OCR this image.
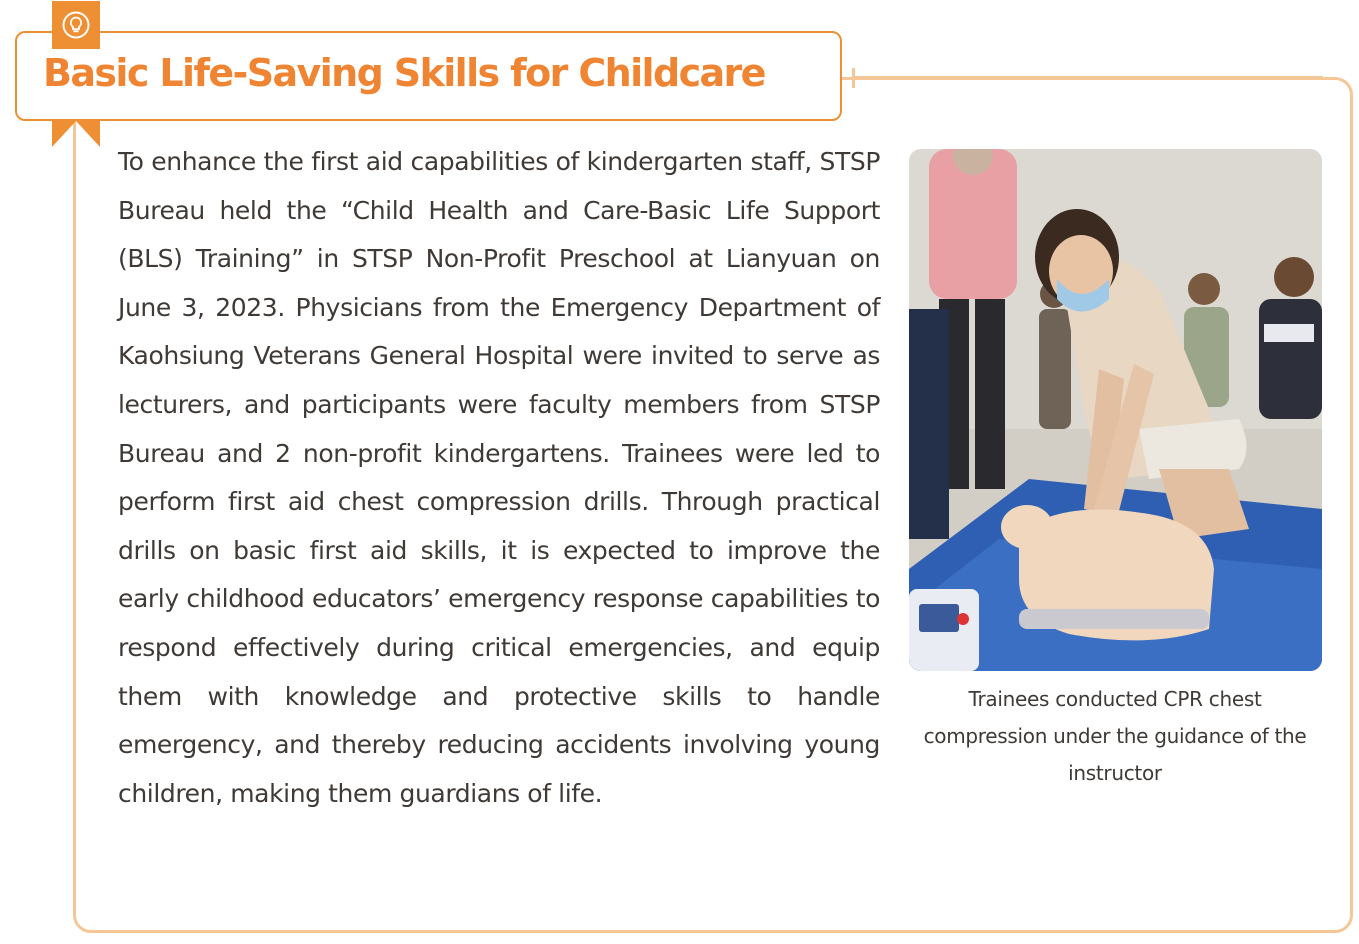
Basic Life-Saving Skills for Childcare

To enhance the first aid capabilities of kindergarten staff, STSP Bureau held the “Child Health and Care-Basic Life Support (BLS) Training” in STSP Non-Profit Preschool at Lianyuan on June 3, 2023. Physicians from the Emergency Department of Kaohsiung Veterans General Hospital were invited to serve as lecturers, and participants were faculty members from STSP Bureau and 2 non-profit kindergartens. Trainees were led to perform first aid chest compression drills. Through practical drills on basic first aid skills, it is expected to improve the early childhood educators’ emergency response capabilities to respond effectively during critical emergencies, and equip them with knowledge and protective skills to handle emergency, and thereby reducing accidents involving young children, making them guardians of life.

Trainees conducted CPR chest compression under the guidance of the instructor
